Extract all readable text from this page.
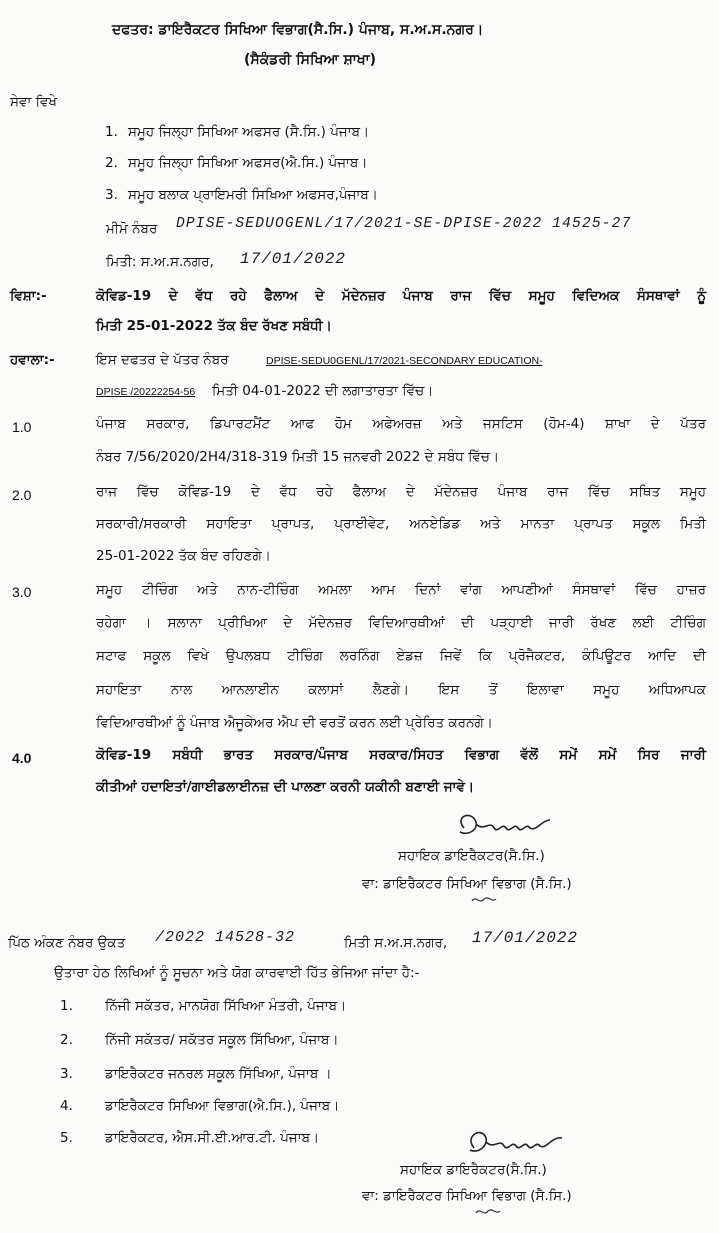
ਦਫਤਰ: ਡਾਇਰੈਕਟਰ ਸਿਖਿਆ ਵਿਭਾਗ(ਸੈ.ਸਿ.) ਪੰਜਾਬ, ਸ.ਅ.ਸ.ਨਗਰ।
(ਸੈਕੰਡਰੀ ਸਿਖਿਆ ਸ਼ਾਖਾ)
ਸੇਵਾ ਵਿਖੇ
1. ਸਮੂਹ ਜਿਲ੍ਹਾ ਸਿਖਿਆ ਅਫਸਰ (ਸੈ.ਸਿ.) ਪੰਜਾਬ।
2. ਸਮੂਹ ਜਿਲ੍ਹਾ ਸਿਖਿਆ ਅਫਸਰ(ਐ.ਸਿ.) ਪੰਜਾਬ।
3. ਸਮੂਹ ਬਲਾਕ ਪ੍ਰਾਇਮਰੀ ਸਿਖਿਆ ਅਫਸਰ,ਪੰਜਾਬ।
ਮੀਮੋ ਨੰਬਰ DPISE-SEDUOGENL/17/2021-SE-DPISE-2022 14525-27
ਮਿਤੀ: ਸ.ਅ.ਸ.ਨਗਰ, 17/01/2022
ਵਿਸ਼ਾ:-	ਕੋਵਿਡ-19 ਦੇ ਵੱਧ ਰਹੇ ਫੈਲਾਅ ਦੇ ਮੱਦੇਨਜ਼ਰ ਪੰਜਾਬ ਰਾਜ ਵਿੱਚ ਸਮੂਹ ਵਿਦਿਅਕ ਸੰਸਥਾਵਾਂ ਨੂੰ
ਮਿਤੀ 25-01-2022 ਤੱਕ ਬੰਦ ਰੱਖਣ ਸਬੰਧੀ।
ਹਵਾਲਾ:-	ਇਸ ਦਫਤਰ ਦੇ ਪੱਤਰ ਨੰਬਰ	DPISE-SEDU0GENL/17/2021-SECONDARY EDUCATION-
DPISE /20222254-56 ਮਿਤੀ 04-01-2022 ਦੀ ਲਗਾਤਾਰਤਾ ਵਿੱਚ।
1.0	ਪੰਜਾਬ ਸਰਕਾਰ, ਡਿਪਾਰਟਮੈਂਟ ਆਫ ਹੋਮ ਅਫੇਅਰਜ਼ ਅਤੇ ਜਸਟਿਸ (ਹੋਮ-4) ਸ਼ਾਖਾ ਦੇ ਪੱਤਰ
ਨੰਬਰ 7/56/2020/2H4/318-319 ਮਿਤੀ 15 ਜਨਵਰੀ 2022 ਦੇ ਸਬੰਧ ਵਿੱਚ।
2.0	ਰਾਜ ਵਿੱਚ ਕੋਵਿਡ-19 ਦੇ ਵੱਧ ਰਹੇ ਫੈਲਾਅ ਦੇ ਮੱਦੇਨਜ਼ਰ ਪੰਜਾਬ ਰਾਜ ਵਿੱਚ ਸਥਿਤ ਸਮੂਹ
ਸਰਕਾਰੀ/ਸਰਕਾਰੀ ਸਹਾਇਤਾ ਪ੍ਰਾਪਤ, ਪ੍ਰਾਈਵੇਟ, ਅਨਏਡਿਡ ਅਤੇ ਮਾਨਤਾ ਪ੍ਰਾਪਤ ਸਕੂਲ ਮਿਤੀ
25-01-2022 ਤੱਕ ਬੰਦ ਰਹਿਣਗੇ।
3.0	ਸਮੂਹ ਟੀਚਿੰਗ ਅਤੇ ਨਾਨ-ਟੀਚਿੰਗ ਅਮਲਾ ਆਮ ਦਿਨਾਂ ਵਾਂਗ ਆਪਣੀਆਂ ਸੰਸਥਾਵਾਂ ਵਿੱਚ ਹਾਜ਼ਰ
ਰਹੇਗਾ । ਸਲਾਨਾ ਪ੍ਰੀਖਿਆ ਦੇ ਮੱਦੇਨਜ਼ਰ ਵਿਦਿਆਰਥੀਆਂ ਦੀ ਪੜ੍ਹਾਈ ਜਾਰੀ ਰੱਖਣ ਲਈ ਟੀਚਿੰਗ
ਸਟਾਫ ਸਕੂਲ ਵਿਖੇ ਉਪਲਬਧ ਟੀਚਿੰਗ ਲਰਨਿੰਗ ਏਡਜ਼ ਜਿਵੇਂ ਕਿ ਪ੍ਰੋਜੈਕਟਰ, ਕੰਪਿਊਟਰ ਆਦਿ ਦੀ
ਸਹਾਇਤਾ ਨਾਲ ਆਨਲਾਈਨ ਕਲਾਸਾਂ ਲੈਣਗੇ। ਇਸ ਤੋਂ ਇਲਾਵਾ ਸਮੂਹ ਅਧਿਆਪਕ
ਵਿਦਿਆਰਥੀਆਂ ਨੂੰ ਪੰਜਾਬ ਐਜੂਕੇਅਰ ਐਪ ਦੀ ਵਰਤੋਂ ਕਰਨ ਲਈ ਪ੍ਰੇਰਿਤ ਕਰਨਗੇ।
4.0	ਕੋਵਿਡ-19 ਸਬੰਧੀ ਭਾਰਤ ਸਰਕਾਰ/ਪੰਜਾਬ ਸਰਕਾਰ/ਸਿਹਤ ਵਿਭਾਗ ਵੱਲੋਂ ਸਮੇਂ ਸਮੇਂ ਸਿਰ ਜਾਰੀ
ਕੀਤੀਆਂ ਹਦਾਇਤਾਂ/ਗਾਈਡਲਾਈਨਜ਼ ਦੀ ਪਾਲਣਾ ਕਰਨੀ ਯਕੀਨੀ ਬਣਾਈ ਜਾਵੇ।
ਸਹਾਇਕ ਡਾਇਰੈਕਟਰ(ਸੈ.ਸਿ.)
ਵਾ: ਡਾਇਰੈਕਟਰ ਸਿਖਿਆ ਵਿਭਾਗ (ਸੈ.ਸਿ.)
ਪਿੱਠ ਅੰਕਣ ਨੰਬਰ ਉਕਤ /2022 14528-32	ਮਿਤੀ ਸ.ਅ.ਸ.ਨਗਰ, 17/01/2022
ਉਤਾਰਾ ਹੇਠ ਲਿਖਿਆਂ ਨੂੰ ਸੂਚਨਾ ਅਤੇ ਯੋਗ ਕਾਰਵਾਈ ਹਿੱਤ ਭੇਜਿਆ ਜਾਂਦਾ ਹੈ:-
1. ਨਿੱਜੀ ਸਕੱਤਰ, ਮਾਨਯੋਗ ਸਿੱਖਿਆ ਮੰਤਰੀ, ਪੰਜਾਬ।
2. ਨਿੱਜੀ ਸਕੱਤਰ/ ਸਕੱਤਰ ਸਕੂਲ ਸਿੱਖਿਆ, ਪੰਜਾਬ।
3. ਡਾਇਰੈਕਟਰ ਜਨਰਲ ਸਕੂਲ ਸਿੱਖਿਆ, ਪੰਜਾਬ ।
4. ਡਾਇਰੈਕਟਰ ਸਿਖਿਆ ਵਿਭਾਗ(ਐ.ਸਿ.), ਪੰਜਾਬ।
5. ਡਾਇਰੈਕਟਰ, ਐਸ.ਸੀ.ਈ.ਆਰ.ਟੀ. ਪੰਜਾਬ।
ਸਹਾਇਕ ਡਾਇਰੈਕਟਰ(ਸੈ.ਸਿ.)
ਵਾ: ਡਾਇਰੈਕਟਰ ਸਿਖਿਆ ਵਿਭਾਗ (ਸੈ.ਸਿ.)
